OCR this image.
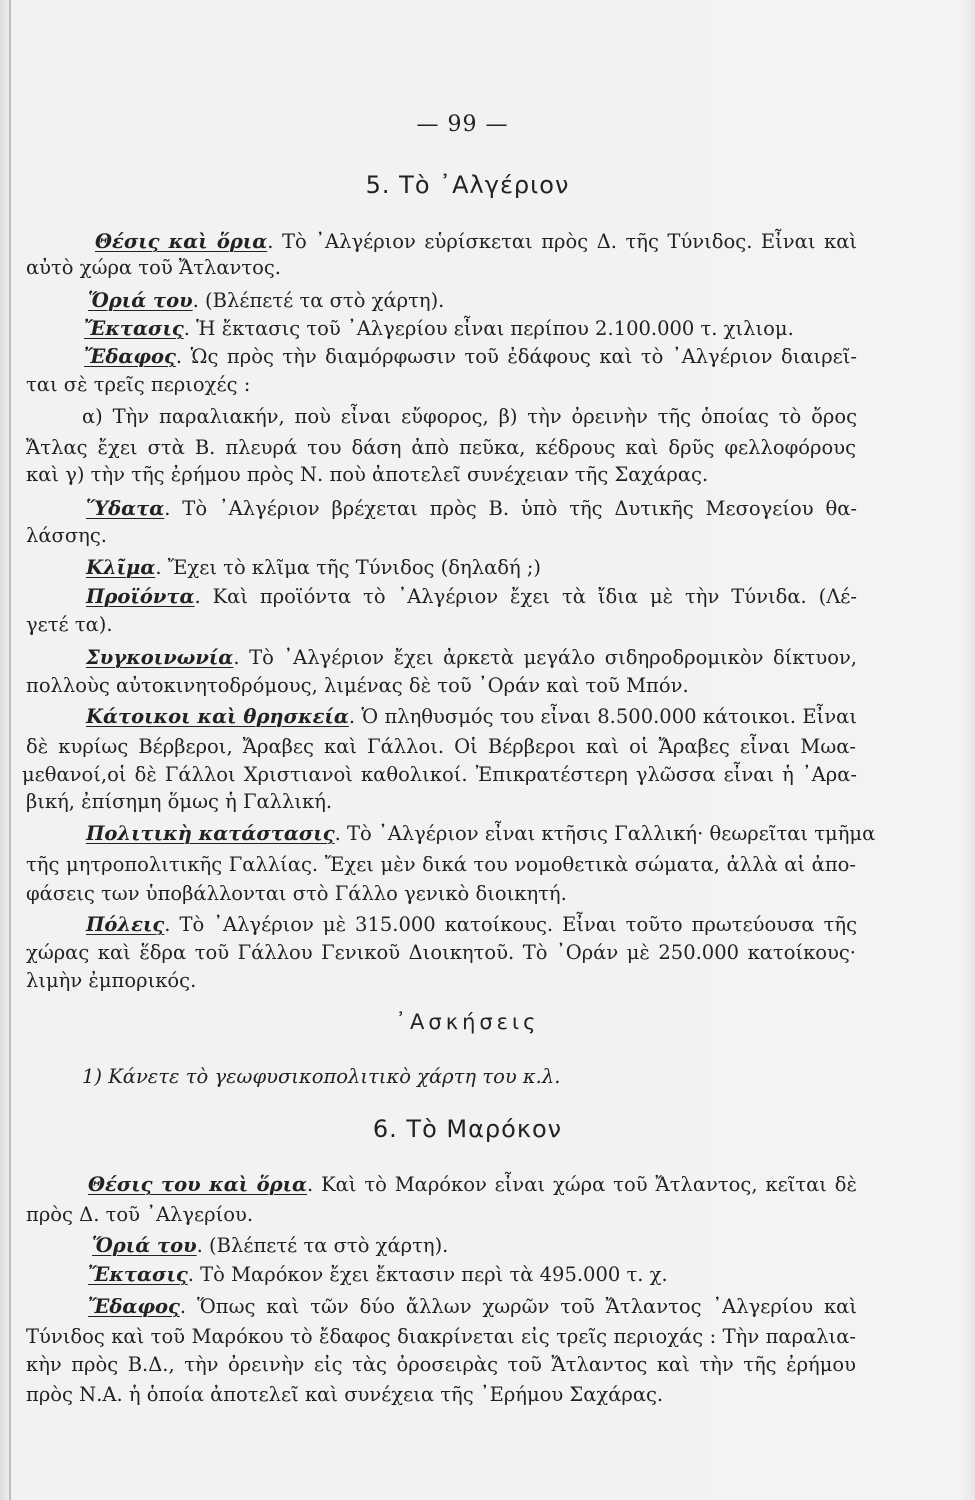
— 99 —
5. Τὸ ᾿Αλγέριον
Θέσις καὶ ὅρια. Τὸ ᾿Αλγέριον εὑρίσκεται πρὸς Δ. τῆς Τύνιδος. Εἶναι καὶ
αὐτὸ χώρα τοῦ Ἄτλαντος.
Ὅριά του. (Βλέπετέ τα στὸ χάρτη).
Ἔκτασις. Ἡ ἔκτασις τοῦ ᾿Αλγερίου εἶναι περίπου 2.100.000 τ. χιλιομ.
Ἔδαφος. Ὡς πρὸς τὴν διαμόρφωσιν τοῦ ἐδάφους καὶ τὸ ᾿Αλγέριον διαιρεῖ-
ται σὲ τρεῖς περιοχές :
α) Τὴν παραλιακήν, ποὺ εἶναι εὔφορος, β) τὴν ὀρεινὴν τῆς ὁποίας τὸ ὄρος
Ἄτλας ἔχει στὰ Β. πλευρά του δάση ἀπὸ πεῦκα, κέδρους καὶ δρῦς φελλοφόρους
καὶ γ) τὴν τῆς ἐρήμου πρὸς Ν. ποὺ ἀποτελεῖ συνέχειαν τῆς Σαχάρας.
Ὕδατα. Τὸ ᾿Αλγέριον βρέχεται πρὸς Β. ὑπὸ τῆς Δυτικῆς Μεσογείου θα-
λάσσης.
Κλῖμα. Ἔχει τὸ κλῖμα τῆς Τύνιδος (δηλαδή ;)
Προϊόντα. Καὶ προϊόντα τὸ ᾿Αλγέριον ἔχει τὰ ἴδια μὲ τὴν Τύνιδα. (Λέ-
γετέ τα).
Συγκοινωνία. Τὸ ᾿Αλγέριον ἔχει ἀρκετὰ μεγάλο σιδηροδρομικὸν δίκτυον,
πολλοὺς αὐτοκινητοδρόμους, λιμένας δὲ τοῦ ᾿Οράν καὶ τοῦ Μπόν.
Κάτοικοι καὶ θρησκεία. Ὁ πληθυσμός του εἶναι 8.500.000 κάτοικοι. Εἶναι
δὲ κυρίως Βέρβεροι, Ἄραβες καὶ Γάλλοι. Οἱ Βέρβεροι καὶ οἱ Ἄραβες εἶναι Μωα-
μεθανοί,οἱ δὲ Γάλλοι Χριστιανοὶ καθολικοί. Ἐπικρατέστερη γλῶσσα εἶναι ἡ ᾿Αρα-
βική, ἐπίσημη ὅμως ἡ Γαλλική.
Πολιτικὴ κατάστασις. Τὸ ᾿Αλγέριον εἶναι κτῆσις Γαλλική· θεωρεῖται τμῆμα
τῆς μητροπολιτικῆς Γαλλίας. Ἔχει μὲν δικά του νομοθετικὰ σώματα, ἀλλὰ αἱ ἀπο-
φάσεις των ὑποβάλλονται στὸ Γάλλο γενικὸ διοικητή.
Πόλεις. Τὸ ᾿Αλγέριον μὲ 315.000 κατοίκους. Εἶναι τοῦτο πρωτεύουσα τῆς
χώρας καὶ ἕδρα τοῦ Γάλλου Γενικοῦ Διοικητοῦ. Τὸ ᾿Οράν μὲ 250.000 κατοίκους·
λιμὴν ἐμπορικός.
᾿Ασκήσεις
1) Κάνετε τὸ γεωφυσικοπολιτικὸ χάρτη του κ.λ.
6. Τὸ Μαρόκον
Θέσις του καὶ ὅρια. Καὶ τὸ Μαρόκον εἶναι χώρα τοῦ Ἄτλαντος, κεῖται δὲ
πρὸς Δ. τοῦ ᾿Αλγερίου.
Ὅριά του. (Βλέπετέ τα στὸ χάρτη).
Ἔκτασις. Τὸ Μαρόκον ἔχει ἔκτασιν περὶ τὰ 495.000 τ. χ.
Ἔδαφος. Ὅπως καὶ τῶν δύο ἄλλων χωρῶν τοῦ Ἄτλαντος ᾿Αλγερίου καὶ
Τύνιδος καὶ τοῦ Μαρόκου τὸ ἔδαφος διακρίνεται εἰς τρεῖς περιοχάς : Τὴν παραλια-
κὴν πρὸς Β.Δ., τὴν ὀρεινὴν εἰς τὰς ὀροσειρὰς τοῦ Ἄτλαντος καὶ τὴν τῆς ἐρήμου
πρὸς Ν.Α. ἡ ὁποία ἀποτελεῖ καὶ συνέχεια τῆς ᾿Ερήμου Σαχάρας.
